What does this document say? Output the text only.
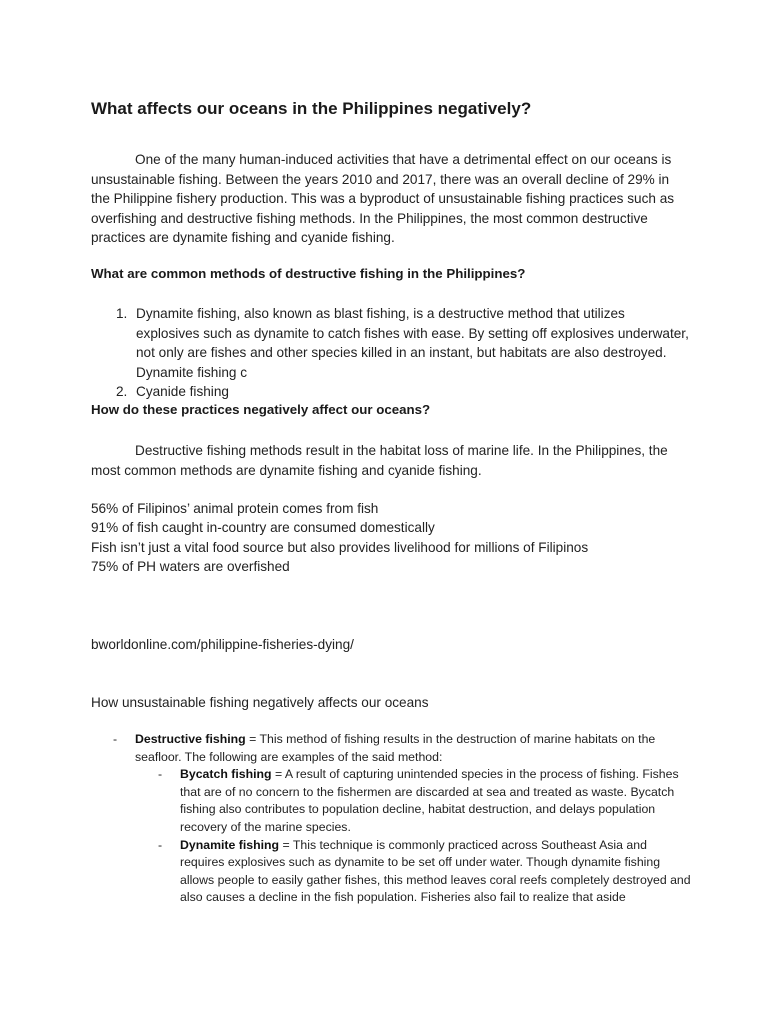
What affects our oceans in the Philippines negatively?

One of the many human-induced activities that have a detrimental effect on our oceans is unsustainable fishing. Between the years 2010 and 2017, there was an overall decline of 29% in the Philippine fishery production. This was a byproduct of unsustainable fishing practices such as overfishing and destructive fishing methods. In the Philippines, the most common destructive practices are dynamite fishing and cyanide fishing.

What are common methods of destructive fishing in the Philippines?
1. Dynamite fishing, also known as blast fishing, is a destructive method that utilizes explosives such as dynamite to catch fishes with ease. By setting off explosives underwater, not only are fishes and other species killed in an instant, but habitats are also destroyed. Dynamite fishing c
2. Cyanide fishing
How do these practices negatively affect our oceans?

Destructive fishing methods result in the habitat loss of marine life. In the Philippines, the most common methods are dynamite fishing and cyanide fishing.

56% of Filipinos’ animal protein comes from fish

91% of fish caught in-country are consumed domestically

Fish isn’t just a vital food source but also provides livelihood for millions of Filipinos

75% of PH waters are overfished

bworldonline.com/philippine-fisheries-dying/

How unsustainable fishing negatively affects our oceans

- Destructive fishing = This method of fishing results in the destruction of marine habitats on the seafloor. The following are examples of the said method:
- Bycatch fishing = A result of capturing unintended species in the process of fishing. Fishes that are of no concern to the fishermen are discarded at sea and treated as waste. Bycatch fishing also contributes to population decline, habitat destruction, and delays population recovery of the marine species.
- Dynamite fishing = This technique is commonly practiced across Southeast Asia and requires explosives such as dynamite to be set off under water. Though dynamite fishing allows people to easily gather fishes, this method leaves coral reefs completely destroyed and also causes a decline in the fish population. Fisheries also fail to realize that aside
